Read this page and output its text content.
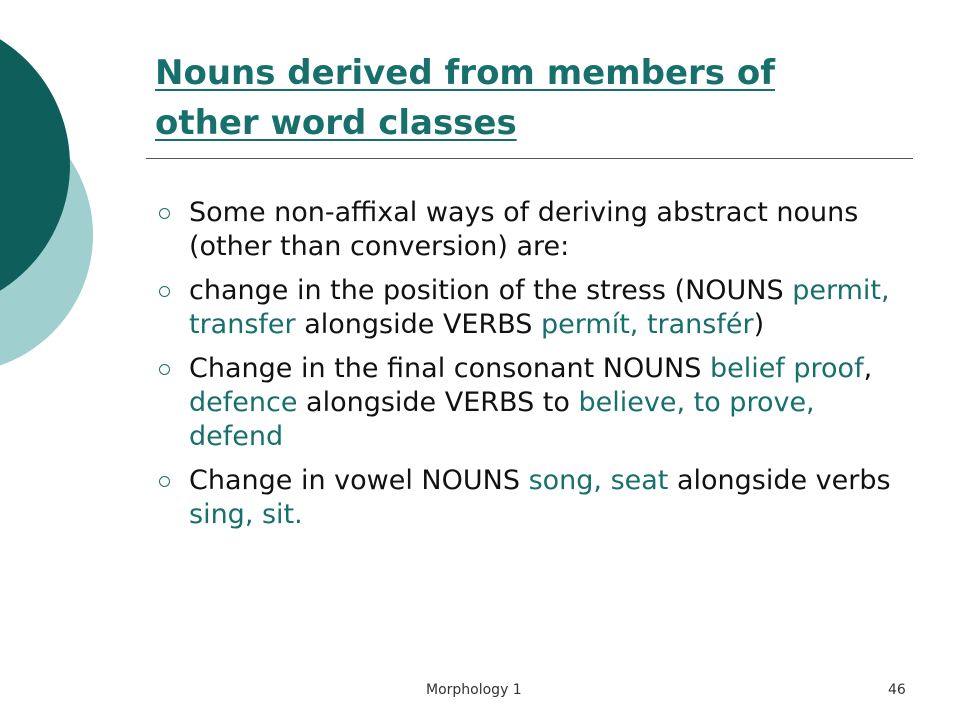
Nouns derived from members of
other word classes
Some non-affixal ways of deriving abstract nouns (other than conversion) are:
change in the position of the stress (NOUNS permit, transfer alongside VERBS permít, transfér)
Change in the final consonant NOUNS belief proof, defence alongside VERBS to believe, to prove, defend
Change in vowel NOUNS song, seat alongside verbs sing, sit.
Morphology 1	46
